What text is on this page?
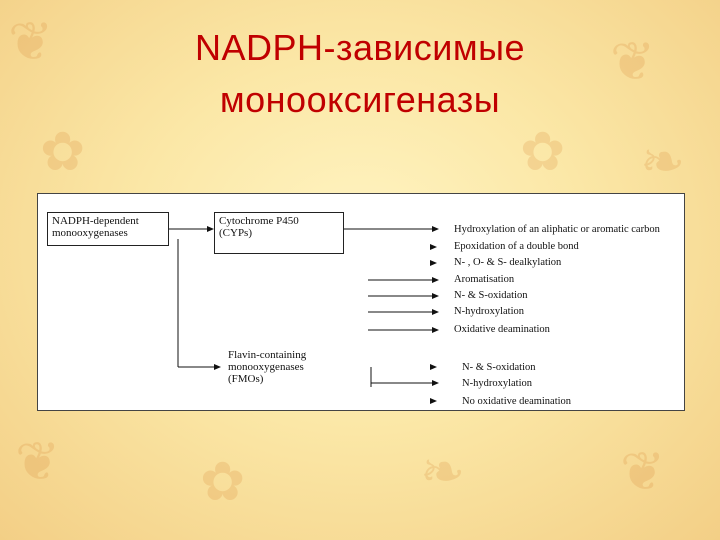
❦	❦
✿	❧
❦	✿	❧	❦
✿
NADPH-зависимые
монооксигеназы
NADPH-dependent
monooxygenases
Cytochrome P450
(CYPs)	Hydroxylation of an aliphatic or aromatic carbon
Epoxidation of a double bond
N- , O- & S- dealkylation
Aromatisation
N- & S-oxidation
N-hydroxylation
Oxidative deamination
Flavin-containing
monooxygenases
(FMOs)
N- & S-oxidation
N-hydroxylation
No oxidative deamination
